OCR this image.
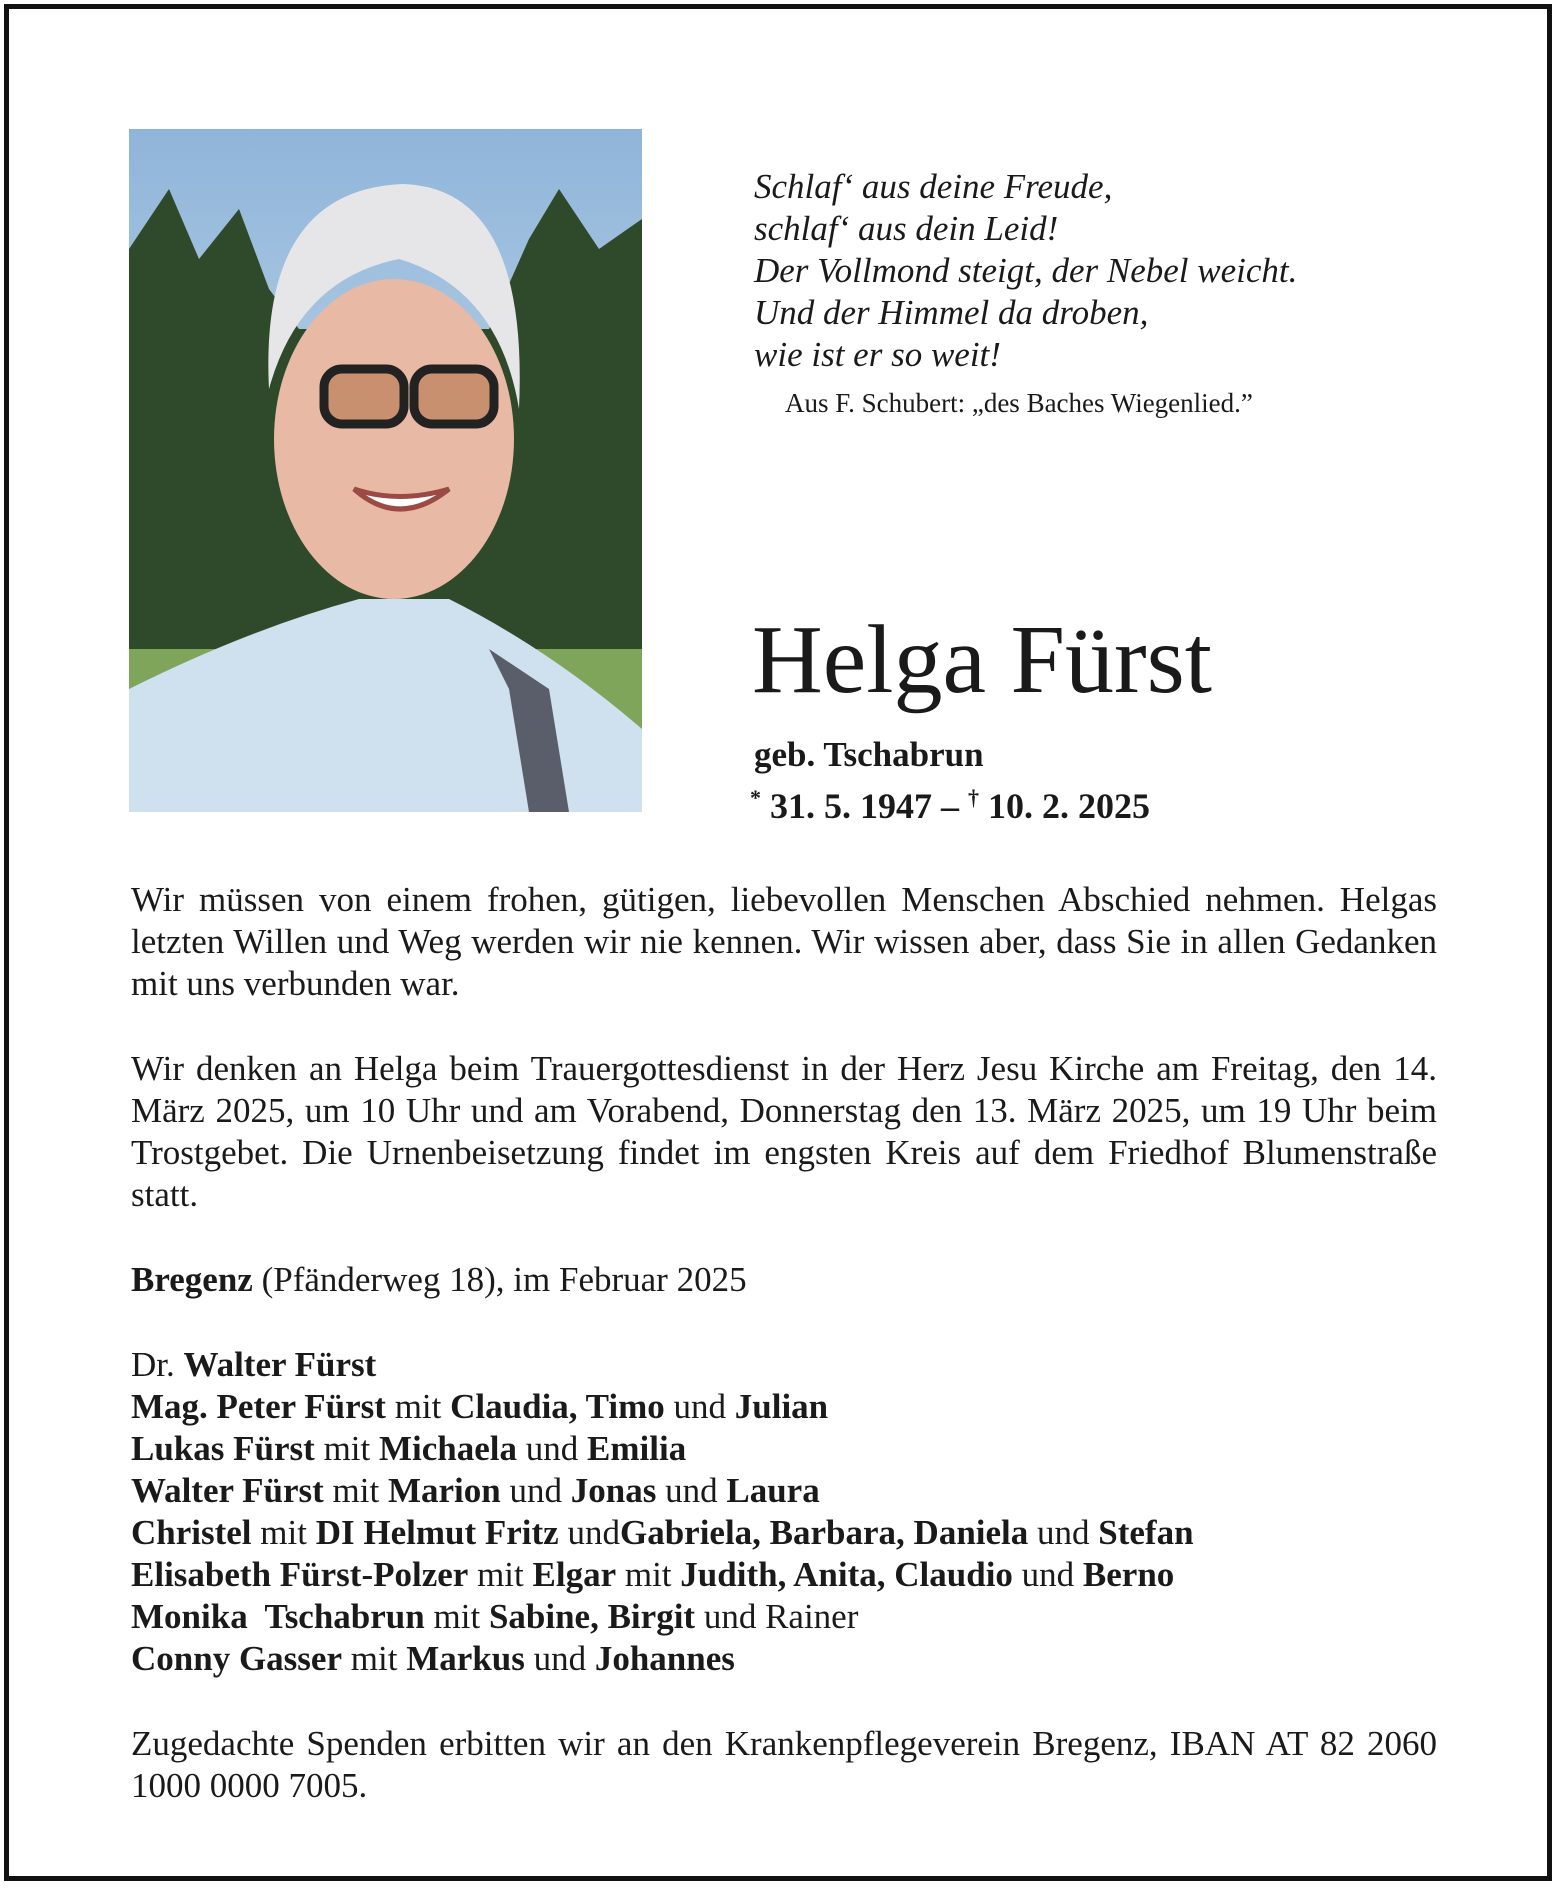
Schlaf‘ aus deine Freude,
schlaf‘ aus dein Leid!
Der Vollmond steigt, der Nebel weicht.
Und der Himmel da droben,
wie ist er so weit!
Aus F. Schubert: „des Baches Wiegenlied.”
Helga Fürst
geb. Tschabrun
* 31. 5. 1947 – † 10. 2. 2025
Wir müssen von einem frohen, gütigen, liebevollen Menschen Abschied nehmen. Helgas letzten Willen und Weg werden wir nie kennen. Wir wissen aber, dass Sie in allen Gedanken mit uns verbunden war.
Wir denken an Helga beim Trauergottesdienst in der Herz Jesu Kirche am Freitag, den 14. März 2025, um 10 Uhr und am Vorabend, Donnerstag den 13. März 2025, um 19 Uhr beim Trostgebet. Die Urnenbeisetzung findet im engsten Kreis auf dem Friedhof Blumenstraße statt.
Bregenz (Pfänderweg 18), im Februar 2025
Dr. Walter Fürst
Mag. Peter Fürst mit Claudia, Timo und Julian
Lukas Fürst mit Michaela und Emilia
Walter Fürst mit Marion und Jonas und Laura
Christel mit DI Helmut Fritz undGabriela, Barbara, Daniela und Stefan
Elisabeth Fürst-Polzer mit Elgar mit Judith, Anita, Claudio und Berno
Monika  Tschabrun mit Sabine, Birgit und Rainer
Conny Gasser mit Markus und Johannes
Zugedachte Spenden erbitten wir an den Krankenpflegeverein Bregenz, IBAN AT 82 2060 1000 0000 7005.
